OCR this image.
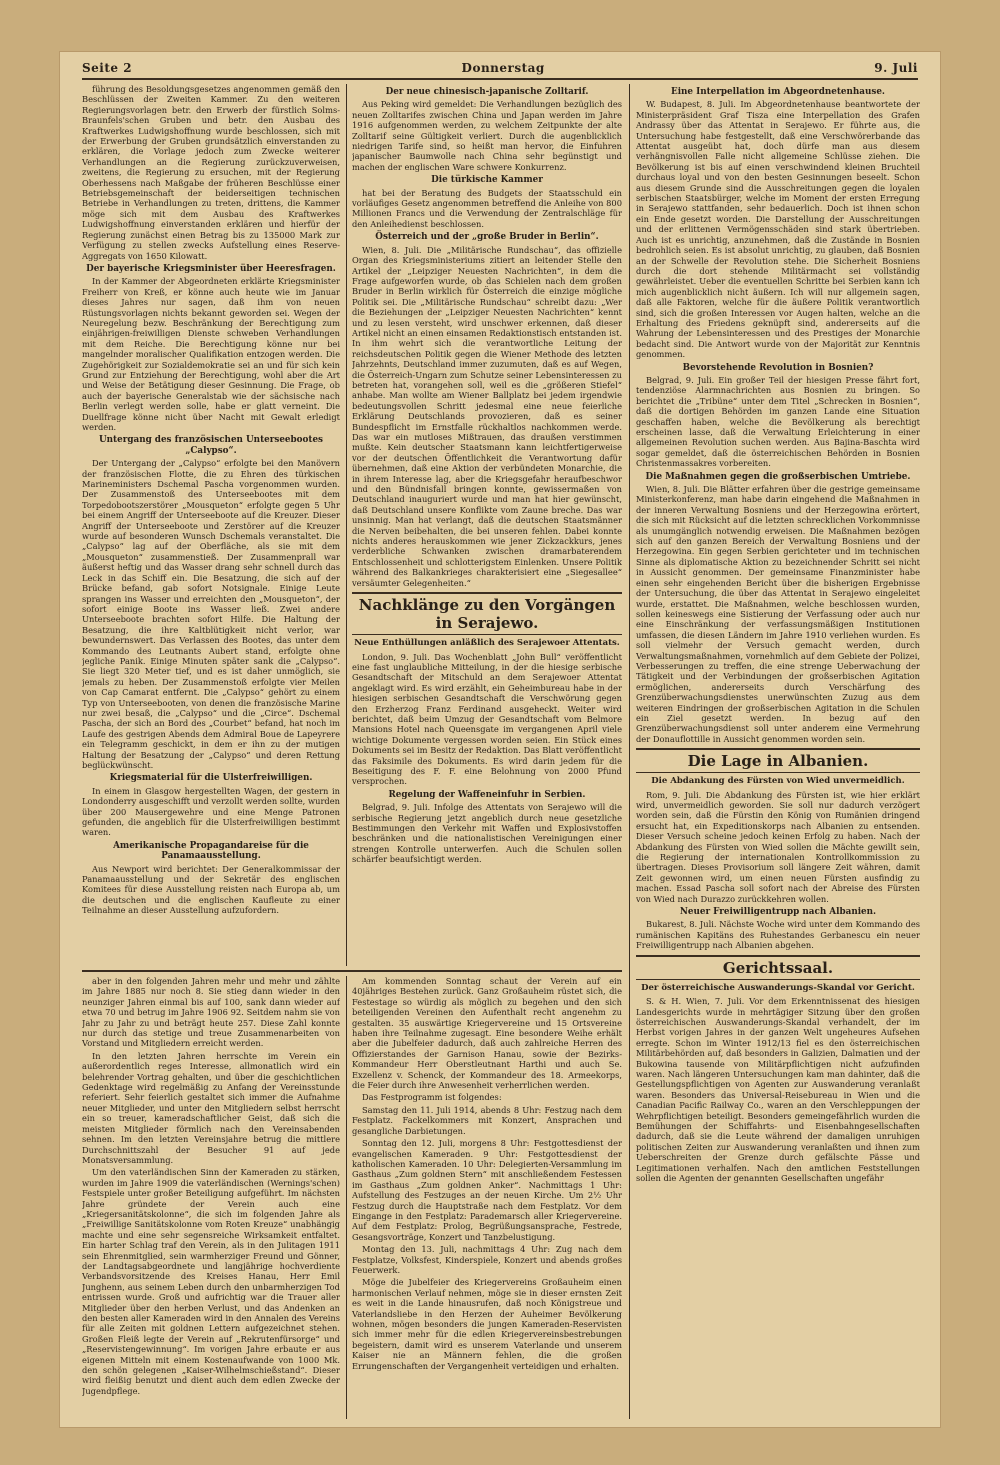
Seite 2	Donnerstag	9. Juli

führung des Besoldungsgesetzes angenommen gemäß den Beschlüssen der Zweiten Kammer. Zu den weiteren Regierungsvorlagen betr. den Erwerb der fürstlich Solms-Braunfels'schen Gruben und betr. den Ausbau des Kraftwerkes Ludwigshoffnung wurde beschlossen, sich mit der Erwerbung der Gruben grundsätzlich einverstanden zu erklären, die Vorlage jedoch zum Zwecke weiterer Verhandlungen an die Regierung zurückzuverweisen, zweitens, die Regierung zu ersuchen, mit der Regierung Oberhessens nach Maßgabe der früheren Beschlüsse einer Betriebsgemeinschaft der beiderseitigen technischen Betriebe in Verhandlungen zu treten, drittens, die Kammer möge sich mit dem Ausbau des Kraftwerkes Ludwigshoffnung einverstanden erklären und hierfür der Regierung zunächst einen Betrag bis zu 135000 Mark zur Verfügung zu stellen zwecks Aufstellung eines Reserve-Aggregats von 1650 Kilowatt.

Der bayerische Kriegsminister über Heeresfragen.

In der Kammer der Abgeordneten erklärte Kriegsminister Freiherr von Kreß, er könne auch heute wie im Januar dieses Jahres nur sagen, daß ihm von neuen Rüstungsvorlagen nichts bekannt geworden sei. Wegen der Neuregelung bezw. Beschränkung der Berechtigung zum einjährigen-freiwilligen Dienste schweben Verhandlungen mit dem Reiche. Die Berechtigung könne nur bei mangelnder moralischer Qualifikation entzogen werden. Die Zugehörigkeit zur Sozialdemokratie sei an und für sich kein Grund zur Entziehung der Berechtigung, wohl aber die Art und Weise der Betätigung dieser Gesinnung. Die Frage, ob auch der bayerische Generalstab wie der sächsische nach Berlin verlegt werden solle, habe er glatt verneint. Die Duellfrage könne nicht über Nacht mit Gewalt erledigt werden.

Untergang des französischen Unterseebootes „Calypso“.

Der Untergang der „Calypso“ erfolgte bei den Manövern der französischen Flotte, die zu Ehren des türkischen Marineministers Dschemal Pascha vorgenommen wurden. Der Zusammenstoß des Unterseebootes mit dem Torpedobootszerstörer „Mousqueton“ erfolgte gegen 5 Uhr bei einem Angriff der Unterseeboote auf die Kreuzer. Dieser Angriff der Unterseeboote und Zerstörer auf die Kreuzer wurde auf besonderen Wunsch Dschemals veranstaltet. Die „Calypso“ lag auf der Oberfläche, als sie mit dem „Mousqueton“ zusammenstieß. Der Zusammenprall war äußerst heftig und das Wasser drang sehr schnell durch das Leck in das Schiff ein. Die Besatzung, die sich auf der Brücke befand, gab sofort Notsignale. Einige Leute sprangen ins Wasser und erreichten den „Mousqueton“, der sofort einige Boote ins Wasser ließ. Zwei andere Unterseeboote brachten sofort Hilfe. Die Haltung der Besatzung, die ihre Kaltblütigkeit nicht verlor, war bewundernswert. Das Verlassen des Bootes, das unter dem Kommando des Leutnants Aubert stand, erfolgte ohne jegliche Panik. Einige Minuten später sank die „Calypso“. Sie liegt 320 Meter tief, und es ist daher unmöglich, sie jemals zu heben. Der Zusammenstoß erfolgte vier Meilen von Cap Camarat entfernt. Die „Calypso“ gehört zu einem Typ von Unterseebooten, von denen die französische Marine nur zwei besaß, die „Calypso“ und die „Circe“. Dschemal Pascha, der sich an Bord des „Courbet“ befand, hat noch im Laufe des gestrigen Abends dem Admiral Boue de Lapeyrere ein Telegramm geschickt, in dem er ihn zu der mutigen Haltung der Besatzung der „Calypso“ und deren Rettung beglückwünscht.

Kriegsmaterial für die Ulsterfreiwilligen.

In einem in Glasgow hergestellten Wagen, der gestern in Londonderry ausgeschifft und verzollt werden sollte, wurden über 200 Mausergewehre und eine Menge Patronen gefunden, die angeblich für die Ulsterfreiwilligen bestimmt waren.

Amerikanische Propagandareise für die Panamaausstellung.

Aus Newport wird berichtet: Der Generalkommissar der Panamaausstellung und der Sekretär des englischen Komitees für diese Ausstellung reisten nach Europa ab, um die deutschen und die englischen Kaufleute zu einer Teilnahme an dieser Ausstellung aufzufordern.

Der neue chinesisch-japanische Zolltarif.

Aus Peking wird gemeldet: Die Verhandlungen bezüglich des neuen Zolltarifes zwischen China und Japan werden im Jahre 1916 aufgenommen werden, zu welchem Zeitpunkte der alte Zolltarif seine Gültigkeit verliert. Durch die augenblicklich niedrigen Tarife sind, so heißt man hervor, die Einfuhren japanischer Baumwolle nach China sehr begünstigt und machen der englischen Ware schwere Konkurrenz.

Die türkische Kammer

hat bei der Beratung des Budgets der Staatsschuld ein vorläufiges Gesetz angenommen betreffend die Anleihe von 800 Millionen Francs und die Verwendung der Zentralschläge für den Anleihedienst beschlossen.

Österreich und der „große Bruder in Berlin“.

Wien, 8. Juli. Die „Militärische Rundschau“, das offizielle Organ des Kriegsministeriums zitiert an leitender Stelle den Artikel der „Leipziger Neuesten Nachrichten“, in dem die Frage aufgeworfen wurde, ob das Schielen nach dem großen Bruder in Berlin wirklich für Österreich die einzige mögliche Politik sei. Die „Militärische Rundschau“ schreibt dazu: „Wer die Beziehungen der „Leipziger Neuesten Nachrichten“ kennt und zu lesen versteht, wird unschwer erkennen, daß dieser Artikel nicht an einen einsamen Redaktionstisch entstanden ist. In ihm wehrt sich die verantwortliche Leitung der reichsdeutschen Politik gegen die Wiener Methode des letzten Jahrzehnts, Deutschland immer zuzumuten, daß es auf Wegen, die Österreich-Ungarn zum Schutze seiner Lebensinteressen zu betreten hat, vorangehen soll, weil es die „größeren Stiefel“ anhabe. Man wollte am Wiener Ballplatz bei jedem irgendwie bedeutungsvollen Schritt jedesmal eine neue feierliche Erklärung Deutschlands provozieren, daß es seiner Bundespflicht im Ernstfalle rückhaltlos nachkommen werde. Das war ein mutloses Mißtrauen, das draußen verstimmen mußte. Kein deutscher Staatsmann kann leichtfertigerweise vor der deutschen Öffentlichkeit die Verantwortung dafür übernehmen, daß eine Aktion der verbündeten Monarchie, die in ihrem Interesse lag, aber die Kriegsgefahr heraufbeschwor und den Bündnisfall bringen konnte, gewissermaßen von Deutschland inauguriert wurde und man hat hier gewünscht, daß Deutschland unsere Konflikte vom Zaune breche. Das war unsinnig. Man hat verlangt, daß die deutschen Staatsmänner die Nerven beibehalten, die bei unseren fehlen. Dabei konnte nichts anderes herauskommen wie jener Zickzackkurs, jenes verderbliche Schwanken zwischen dramarbaterendem Entschlossenheit und schlotterigstem Einlenken. Unsere Politik während des Balkankrieges charakterisiert eine „Siegesallee“ versäumter Gelegenheiten.“

Nachklänge zu den Vorgängen in Serajewo.
Neue Enthüllungen anläßlich des Serajewoer Attentats.

London, 9. Juli. Das Wochenblatt „John Bull“ veröffentlicht eine fast unglaubliche Mitteilung, in der die hiesige serbische Gesandtschaft der Mitschuld an dem Serajewoer Attentat angeklagt wird. Es wird erzählt, ein Geheimbureau habe in der hiesigen serbischen Gesandtschaft die Verschwörung gegen den Erzherzog Franz Ferdinand ausgeheckt. Weiter wird berichtet, daß beim Umzug der Gesandtschaft vom Belmore Mansions Hotel nach Queensgate im vergangenen April viele wichtige Dokumente vergessen worden seien. Ein Stück eines Dokuments sei im Besitz der Redaktion. Das Blatt veröffentlicht das Faksimile des Dokuments. Es wird darin jedem für die Beseitigung des F. F. eine Belohnung von 2000 Pfund versprochen.

Regelung der Waffeneinfuhr in Serbien.

Belgrad, 9. Juli. Infolge des Attentats von Serajewo will die serbische Regierung jetzt angeblich durch neue gesetzliche Bestimmungen den Verkehr mit Waffen und Explosivstoffen beschränken und die nationalistischen Vereinigungen einer strengen Kontrolle unterwerfen. Auch die Schulen sollen schärfer beaufsichtigt werden.

Eine Interpellation im Abgeordnetenhause.

W. Budapest, 8. Juli. Im Abgeordnetenhause beantwortete der Ministerpräsident Graf Tisza eine Interpellation des Grafen Andrassy über das Attentat in Serajewo. Er führte aus, die Untersuchung habe festgestellt, daß eine Verschwörerbande das Attentat ausgeübt hat, doch dürfe man aus diesem verhängnisvollen Falle nicht allgemeine Schlüsse ziehen. Die Bevölkerung ist bis auf einen verschwindend kleinen Bruchteil durchaus loyal und von den besten Gesinnungen beseelt. Schon aus diesem Grunde sind die Ausschreitungen gegen die loyalen serbischen Staatsbürger, welche im Moment der ersten Erregung in Serajewo stattfanden, sehr bedauerlich. Doch ist ihnen schon ein Ende gesetzt worden. Die Darstellung der Ausschreitungen und der erlittenen Vermögensschäden sind stark übertrieben. Auch ist es unrichtig, anzunehmen, daß die Zustände in Bosnien bedrohlich seien. Es ist absolut unrichtig, zu glauben, daß Bosnien an der Schwelle der Revolution stehe. Die Sicherheit Bosniens durch die dort stehende Militärmacht sei vollständig gewährleistet. Ueber die eventuellen Schritte bei Serbien kann ich mich augenblicklich nicht äußern. Ich will nur allgemein sagen, daß alle Faktoren, welche für die äußere Politik verantwortlich sind, sich die großen Interessen vor Augen halten, welche an die Erhaltung des Friedens geknüpft sind, andererseits auf die Wahrung der Lebensinteressen und des Prestiges der Monarchie bedacht sind. Die Antwort wurde von der Majorität zur Kenntnis genommen.

Bevorstehende Revolution in Bosnien?

Belgrad, 9. Juli. Ein großer Teil der hiesigen Presse fährt fort, tendenziöse Alarmnachrichten aus Bosnien zu bringen. So berichtet die „Tribüne“ unter dem Titel „Schrecken in Bosnien“, daß die dortigen Behörden im ganzen Lande eine Situation geschaffen haben, welche die Bevölkerung als berechtigt erscheinen lasse, daß die Verwaltung Erleichterung in einer allgemeinen Revolution suchen werden. Aus Bajina-Baschta wird sogar gemeldet, daß die österreichischen Behörden in Bosnien Christenmassakres vorbereiten.

Die Maßnahmen gegen die großserbischen Umtriebe.

Wien, 8. Juli. Die Blätter erfahren über die gestrige gemeinsame Ministerkonferenz, man habe darin eingehend die Maßnahmen in der inneren Verwaltung Bosniens und der Herzegowina erörtert, die sich mit Rücksicht auf die letzten schrecklichen Vorkommnisse als unumgänglich notwendig erweisen. Die Maßnahmen bezögen sich auf den ganzen Bereich der Verwaltung Bosniens und der Herzegowina. Ein gegen Serbien gerichteter und im technischen Sinne als diplomatische Aktion zu bezeichnender Schritt sei nicht in Aussicht genommen. Der gemeinsame Finanzminister habe einen sehr eingehenden Bericht über die bisherigen Ergebnisse der Untersuchung, die über das Attentat in Serajewo eingeleitet wurde, erstattet. Die Maßnahmen, welche beschlossen wurden, sollen keineswegs eine Sistierung der Verfassung oder auch nur eine Einschränkung der verfassungsmäßigen Institutionen umfassen, die diesen Ländern im Jahre 1910 verliehen wurden. Es soll vielmehr der Versuch gemacht werden, durch Verwaltungsmaßnahmen, vornehmlich auf dem Gebiete der Polizei, Verbesserungen zu treffen, die eine strenge Ueberwachung der Tätigkeit und der Verbindungen der großserbischen Agitation ermöglichen, andererseits durch Verschärfung des Grenzüberwachungsdienstes unerwünschten Zuzug aus dem weiteren Eindringen der großserbischen Agitation in die Schulen ein Ziel gesetzt werden. In bezug auf den Grenzüberwachungsdienst soll unter anderem eine Vermehrung der Donauflottille in Aussicht genommen worden sein.

Die Lage in Albanien.
Die Abdankung des Fürsten von Wied unvermeidlich.

Rom, 9. Juli. Die Abdankung des Fürsten ist, wie hier erklärt wird, unvermeidlich geworden. Sie soll nur dadurch verzögert worden sein, daß die Fürstin den König von Rumänien dringend ersucht hat, ein Expeditionskorps nach Albanien zu entsenden. Dieser Versuch scheine jedoch keinen Erfolg zu haben. Nach der Abdankung des Fürsten von Wied sollen die Mächte gewillt sein, die Regierung der internationalen Kontrollkommission zu übertragen. Dieses Provisorium soll längere Zeit währen, damit Zeit gewonnen wird, um einen neuen Fürsten ausfindig zu machen. Essad Pascha soll sofort nach der Abreise des Fürsten von Wied nach Durazzo zurückkehren wollen.

Neuer Freiwilligentrupp nach Albanien.

Bukarest, 8. Juli. Nächste Woche wird unter dem Kommando des rumänischen Kapitäns des Ruhestandes Gerbanescu ein neuer Freiwilligentrupp nach Albanien abgehen.

Gerichtssaal.
Der österreichische Auswanderungs-Skandal vor Gericht.

S. & H. Wien, 7. Juli. Vor dem Erkenntnissenat des hiesigen Landesgerichts wurde in mehrtägiger Sitzung über den großen österreichischen Auswanderungs-Skandal verhandelt, der im Herbst vorigen Jahres in der ganzen Welt ungeheures Aufsehen erregte. Schon im Winter 1912/13 fiel es den österreichischen Militärbehörden auf, daß besonders in Galizien, Dalmatien und der Bukowina tausende von Militärpflichtigen nicht aufzufinden waren. Nach längeren Untersuchungen kam man dahinter, daß die Gestellungspflichtigen von Agenten zur Auswanderung veranlaßt waren. Besonders das Universal-Reisebureau in Wien und die Canadian Pacific Railway Co., waren an den Verschleppungen der Wehrpflichtigen beteiligt. Besonders gemeingefährlich wurden die Bemühungen der Schiffahrts- und Eisenbahngesellschaften dadurch, daß sie die Leute während der damaligen unruhigen politischen Zeiten zur Auswanderung veranlaßten und ihnen zum Ueberschreiten der Grenze durch gefälschte Pässe und Legitimationen verhalfen. Nach den amtlichen Feststellungen sollen die Agenten der genannten Gesellschaften ungefähr

aber in den folgenden Jahren mehr und mehr und zählte im Jahre 1885 nur noch 8. Sie stieg dann wieder in den neunziger Jahren einmal bis auf 100, sank dann wieder auf etwa 70 und betrug im Jahre 1906 92. Seitdem nahm sie von Jahr zu Jahr zu und beträgt heute 257. Diese Zahl konnte nur durch das stetige und treue Zusammenarbeiten von Vorstand und Mitgliedern erreicht werden.

In den letzten Jahren herrschte im Verein ein außerordentlich reges Interesse, allmonatlich wird ein belehrender Vortrag gehalten, und über die geschichtlichen Gedenktage wird regelmäßig zu Anfang der Vereinsstunde referiert. Sehr feierlich gestaltet sich immer die Aufnahme neuer Mitglieder, und unter den Mitgliedern selbst herrscht ein so treuer, kameradschaftlicher Geist, daß sich die meisten Mitglieder förmlich nach den Vereinsabenden sehnen. Im den letzten Vereinsjahre betrug die mittlere Durchschnittszahl der Besucher 91 auf jede Monatsversammlung.

Um den vaterländischen Sinn der Kameraden zu stärken, wurden im Jahre 1909 die vaterländischen (Wernings'schen) Festspiele unter großer Beteiligung aufgeführt. Im nächsten Jahre gründete der Verein auch eine „Kriegersanitätskolonne“, die sich im folgenden Jahre als „Freiwillige Sanitätskolonne vom Roten Kreuze“ unabhängig machte und eine sehr segensreiche Wirksamkeit entfaltet. Ein harter Schlag traf den Verein, als in den Julitagen 1911 sein Ehrenmitglied, sein warmherziger Freund und Gönner, der Landtagsabgeordnete und langjährige hochverdiente Verbandsvorsitzende des Kreises Hanau, Herr Emil Junghenn, aus seinem Leben durch den unbarmherzigen Tod entrissen wurde. Groß und aufrichtig war die Trauer aller Mitglieder über den herben Verlust, und das Andenken an den besten aller Kameraden wird in den Annalen des Vereins für alle Zeiten mit goldnen Lettern aufgezeichnet stehen. Großen Fleiß legte der Verein auf „Rekrutenfürsorge“ und „Reservistengewinnung“. Im vorigen Jahre erbaute er aus eigenen Mitteln mit einem Kostenaufwande von 1000 Mk. den schön gelegenen „Kaiser-Wilhelmschießstand“. Dieser wird fleißig benutzt und dient auch dem edlen Zwecke der Jugendpflege.

Am kommenden Sonntag schaut der Verein auf ein 40jähriges Bestehen zurück. Ganz Großauheim rüstet sich, die Festestage so würdig als möglich zu begehen und den sich beteiligenden Vereinen den Aufenthalt recht angenehm zu gestalten. 35 auswärtige Kriegervereine und 15 Ortsvereine haben ihre Teilnahme zugesagt. Eine besondere Weihe erhält aber die Jubelfeier dadurch, daß auch zahlreiche Herren des Offizierstandes der Garnison Hanau, sowie der Bezirks-Kommandeur Herr Oberstleutnant Harthi und auch Se. Exzellenz v. Schenck, der Kommandeur des 18. Armeekorps, die Feier durch ihre Anwesenheit verherrlichen werden.

Das Festprogramm ist folgendes:

Samstag den 11. Juli 1914, abends 8 Uhr: Festzug nach dem Festplatz. Fackelkommers mit Konzert, Ansprachen und gesangliche Darbietungen.

Sonntag den 12. Juli, morgens 8 Uhr: Festgottesdienst der evangelischen Kameraden. 9 Uhr: Festgottesdienst der katholischen Kameraden. 10 Uhr: Delegierten-Versammlung im Gasthaus „Zum goldnen Stern“ mit anschließendem Festessen im Gasthaus „Zum goldnen Anker“. Nachmittags 1 Uhr: Aufstellung des Festzuges an der neuen Kirche. Um 2½ Uhr Festzug durch die Hauptstraße nach dem Festplatz. Vor dem Eingange in den Festplatz: Parademarsch aller Kriegervereine. Auf dem Festplatz: Prolog, Begrüßungsansprache, Festrede, Gesangsvorträge, Konzert und Tanzbelustigung.

Montag den 13. Juli, nachmittags 4 Uhr: Zug nach dem Festplatze, Volksfest, Kinderspiele, Konzert und abends großes Feuerwerk.

Möge die Jubelfeier des Kriegervereins Großauheim einen harmonischen Verlauf nehmen, möge sie in dieser ernsten Zeit es weit in die Lande hinausrufen, daß noch Königstreue und Vaterlandsliebe in den Herzen der Auheimer Bevölkerung wohnen, mögen besonders die jungen Kameraden-Reservisten sich immer mehr für die edlen Kriegervereinsbestrebungen begeistern, damit wird es unserem Vaterlande und unserem Kaiser nie an Männern fehlen, die die großen Errungenschaften der Vergangenheit verteidigen und erhalten.
